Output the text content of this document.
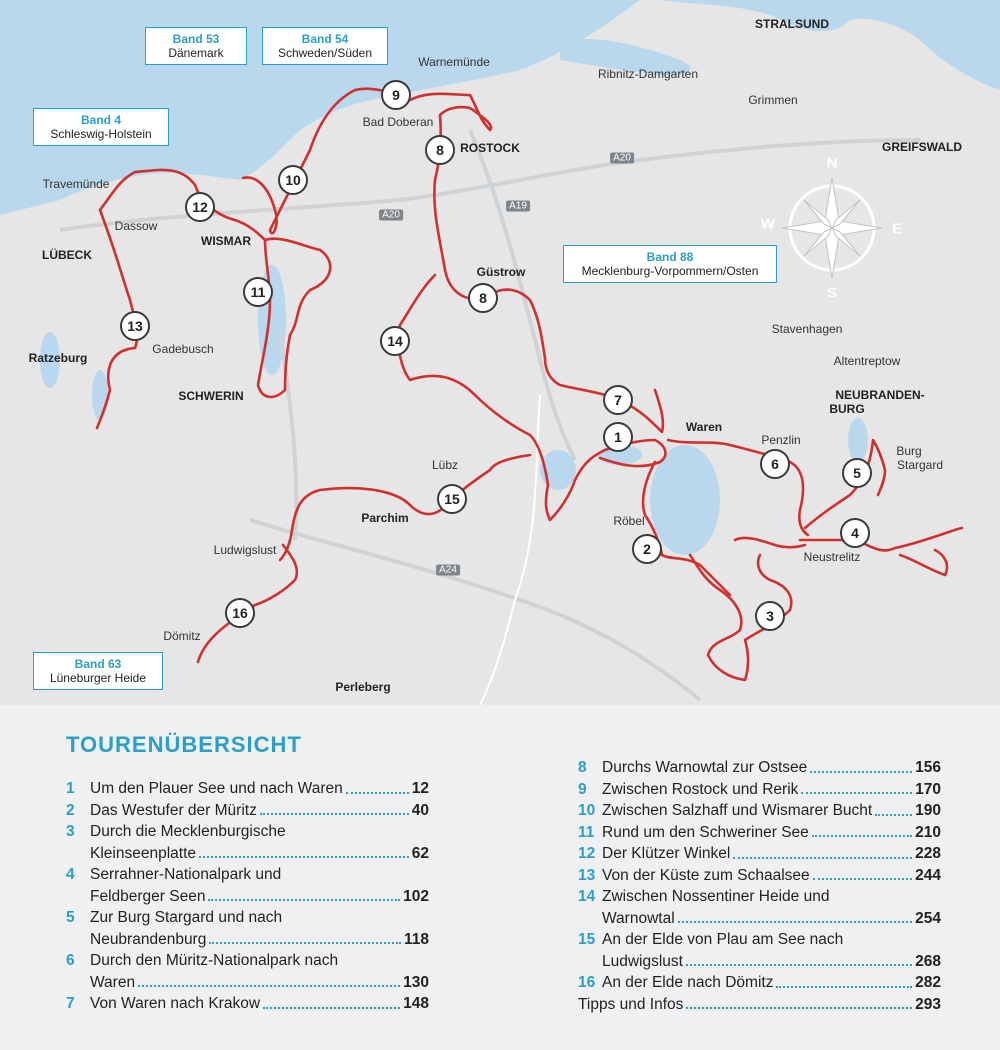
STRALSUND
Ribnitz-Damgarten
Warnemünde
Grimmen
Bad Doberan
ROSTOCK	GREIFSWALD
Travemünde
Dassow
WISMAR
LÜBECK
Güstrow
Gadebusch
Ratzeburg
Stavenhagen
Altentreptow
SCHWERIN	NEUBRANDEN-
BURG
Waren
Penzlin
Burg
Stargard
Lübz
Parchim	Röbel
Neustrelitz
Ludwigslust
Dömitz
Perleberg
A20
A19
A20
A24
Band 53
Dänemark
Band 54
Schweden/Süden
Band 4
Schleswig-Holstein
Band 88
Mecklenburg-Vorpommern/Osten
Band 63
Lüneburger Heide
1
2
3
4
5
6
7
8
8
9
10
11
12
13
14
15
16
N
S
W	E
TOURENÜBERSICHT
1 Um den Plauer See und nach Waren	12
2 Das Westufer der Müritz	40
3 Durch die Mecklenburgische
Kleinseenplatte	62
4 Serrahner-Nationalpark und
Feldberger Seen	102
5 Zur Burg Stargard und nach
Neubrandenburg	118
6 Durch den Müritz-Nationalpark nach
Waren	130
7 Von Waren nach Krakow	148
8 Durchs Warnowtal zur Ostsee	156
9 Zwischen Rostock und Rerik	170
10 Zwischen Salzhaff und Wismarer Bucht	190
11 Rund um den Schweriner See	210
12 Der Klützer Winkel	228
13 Von der Küste zum Schaalsee	244
14 Zwischen Nossentiner Heide und
Warnowtal	254
15 An der Elde von Plau am See nach
Ludwigslust	268
16 An der Elde nach Dömitz	282
Tipps und Infos	293
